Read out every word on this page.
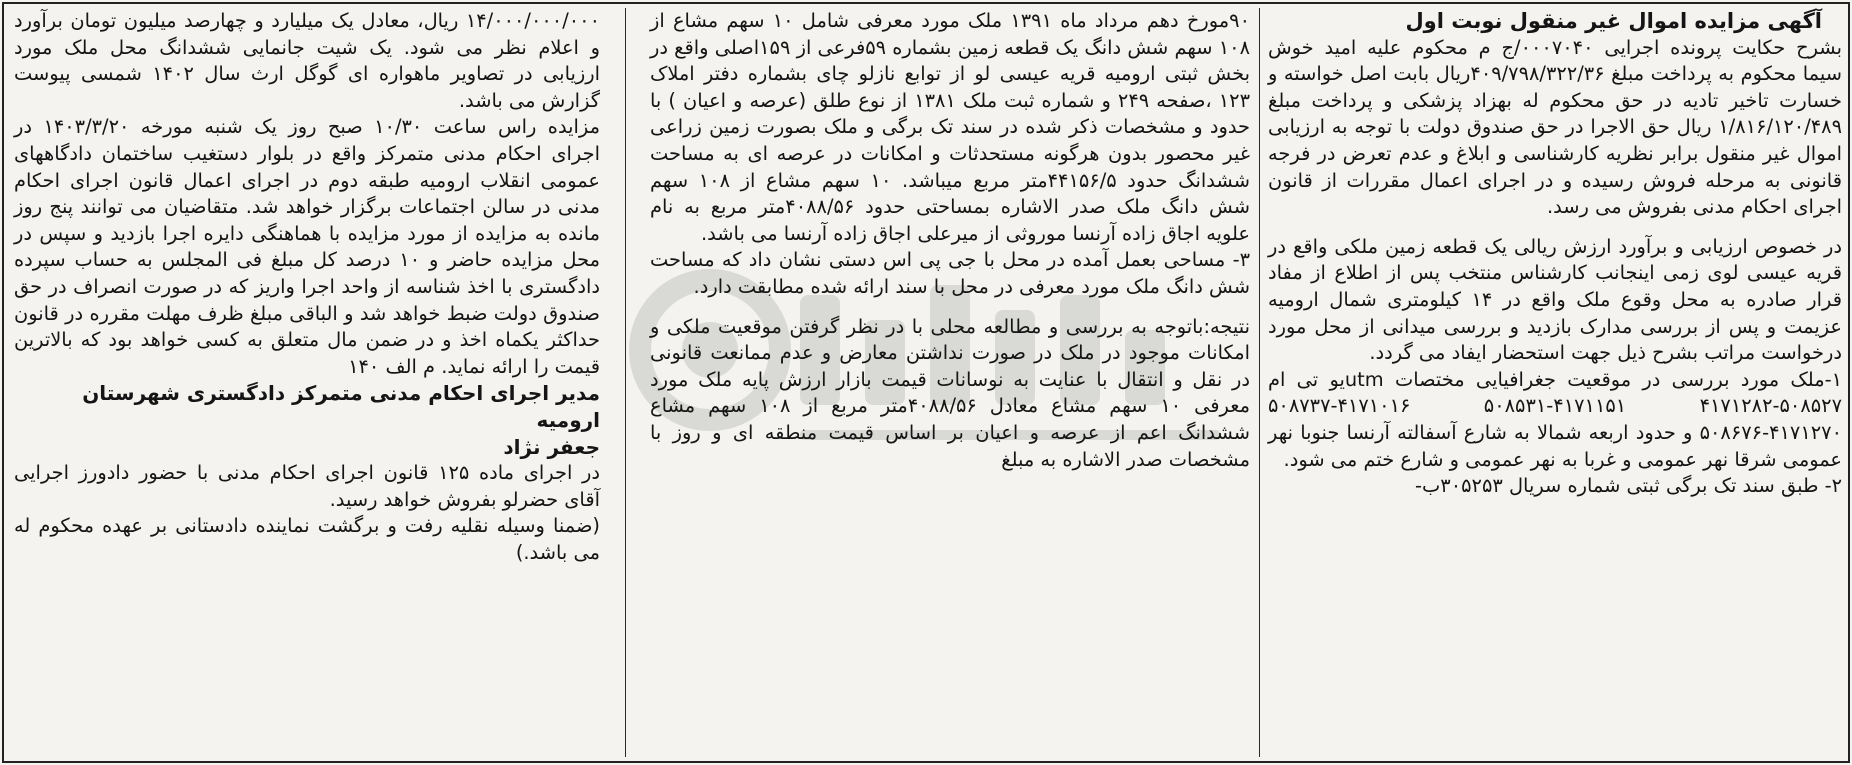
آگهی مزایده اموال غیر منقول نوبت اول

بشرح حکایت پرونده اجرایی ۰۰۰۷۰۴۰/ج م محکوم علیه امید خوش سیما محکوم به پرداخت مبلغ ۴۰۹/۷۹۸/۳۲۲/۳۶ریال بابت اصل خواسته و خسارت تاخیر تادیه در حق محکوم له بهزاد پزشکی و پرداخت مبلغ ۱/۸۱۶/۱۲۰/۴۸۹ ریال حق الاجرا در حق صندوق دولت با توجه به ارزیابی اموال غیر منقول برابر نظریه کارشناسی و ابلاغ و عدم تعرض در فرجه قانونی به مرحله فروش رسیده و در اجرای اعمال مقررات از قانون اجرای احکام مدنی بفروش می رسد.

در خصوص ارزیابی و برآورد ارزش ریالی یک قطعه زمین ملکی واقع در قریه عیسی لوی زمی اینجانب کارشناس منتخب پس از اطلاع از مفاد قرار صادره به محل وقوع ملک واقع در ۱۴ کیلومتری شمال ارومیه عزیمت و پس از بررسی مدارک بازدید و بررسی میدانی از محل مورد درخواست مراتب بشرح ذیل جهت استحضار ایفاد می گردد.

۱-ملک مورد بررسی در موقعیت جغرافیایی مختصات utmیو تی ام ۵۰۸۵۲۷-۴۱۷۱۲۸۲ ۴۱۷۱۱۵۱-۵۰۸۵۳۱ ۴۱۷۱۰۱۶-۵۰۸۷۳۷ ۴۱۷۱۲۷۰-۵۰۸۶۷۶ و حدود اربعه شمالا به شارع آسفالته آرنسا جنوبا نهر عمومی شرقا نهر عمومی و غربا به نهر عمومی و شارع ختم می شود.

۲- طبق سند تک برگی ثبتی شماره سریال ۳۰۵۲۵۳ب-

۹۰مورخ دهم مرداد ماه ۱۳۹۱ ملک مورد معرفی شامل ۱۰ سهم مشاع از ۱۰۸ سهم شش دانگ یک قطعه زمین بشماره ۵۹فرعی از ۱۵۹اصلی واقع در بخش ثبتی ارومیه قریه عیسی لو از توابع نازلو چای بشماره دفتر املاک ۱۲۳ ،صفحه ۲۴۹ و شماره ثبت ملک ۱۳۸۱ از نوع طلق (عرصه و اعیان ) با حدود و مشخصات ذکر شده در سند تک برگی و ملک بصورت زمین زراعی غیر محصور بدون هرگونه مستحدثات و امکانات در عرصه ای به مساحت ششدانگ حدود ۴۴۱۵۶/۵متر مربع میباشد. ۱۰ سهم مشاع از ۱۰۸ سهم شش دانگ ملک صدر الاشاره بمساحتی حدود ۴۰۸۸/۵۶متر مربع به نام علویه اجاق زاده آرنسا موروثی از میرعلی اجاق زاده آرنسا می باشد.

۳- مساحی بعمل آمده در محل با جی پی اس دستی نشان داد که مساحت شش دانگ ملک مورد معرفی در محل با سند ارائه شده مطابقت دارد.

نتیجه:باتوجه به بررسی و مطالعه محلی با در نظر گرفتن موقعیت ملکی و امکانات موجود در ملک در صورت نداشتن معارض و عدم ممانعت قانونی در نقل و انتقال با عنایت به نوسانات قیمت بازار ارزش پایه ملک مورد معرفی ۱۰ سهم مشاع معادل ۴۰۸۸/۵۶متر مربع از ۱۰۸ سهم مشاع ششدانگ اعم از عرصه و اعیان بر اساس قیمت منطقه ای و روز با مشخصات صدر الاشاره به مبلغ

۱۴/۰۰۰/۰۰۰/۰۰۰ ریال، معادل یک میلیارد و چهارصد میلیون تومان برآورد و اعلام نظر می شود. یک شیت جانمایی ششدانگ محل ملک مورد ارزیابی در تصاویر ماهواره ای گوگل ارث سال ۱۴۰۲ شمسی پیوست گزارش می باشد.

مزایده راس ساعت ۱۰/۳۰ صبح روز یک شنبه مورخه ۱۴۰۳/۳/۲۰ در اجرای احکام مدنی متمرکز واقع در بلوار دستغیب ساختمان دادگاههای عمومی انقلاب ارومیه طبقه دوم در اجرای اعمال قانون اجرای احکام مدنی در سالن اجتماعات برگزار خواهد شد. متقاضیان می توانند پنج روز مانده به مزایده از مورد مزایده با هماهنگی دایره اجرا بازدید و سپس در محل مزایده حاضر و ۱۰ درصد کل مبلغ فی المجلس به حساب سپرده دادگستری با اخذ شناسه از واحد اجرا واریز که در صورت انصراف در حق صندوق دولت ضبط خواهد شد و الباقی مبلغ ظرف مهلت مقرره در قانون حداکثر یکماه اخذ و در ضمن مال متعلق به کسی خواهد بود که بالاترین قیمت را ارائه نماید. م الف ۱۴۰

مدیر اجرای احکام مدنی متمرکز دادگستری شهرستان ارومیه

جعفر نژاد

در اجرای ماده ۱۲۵ قانون اجرای احکام مدنی با حضور دادورز اجرایی آقای حضرلو بفروش خواهد رسید.

(ضمنا وسیله نقلیه رفت و برگشت نماینده دادستانی بر عهده محکوم له می باشد.)
